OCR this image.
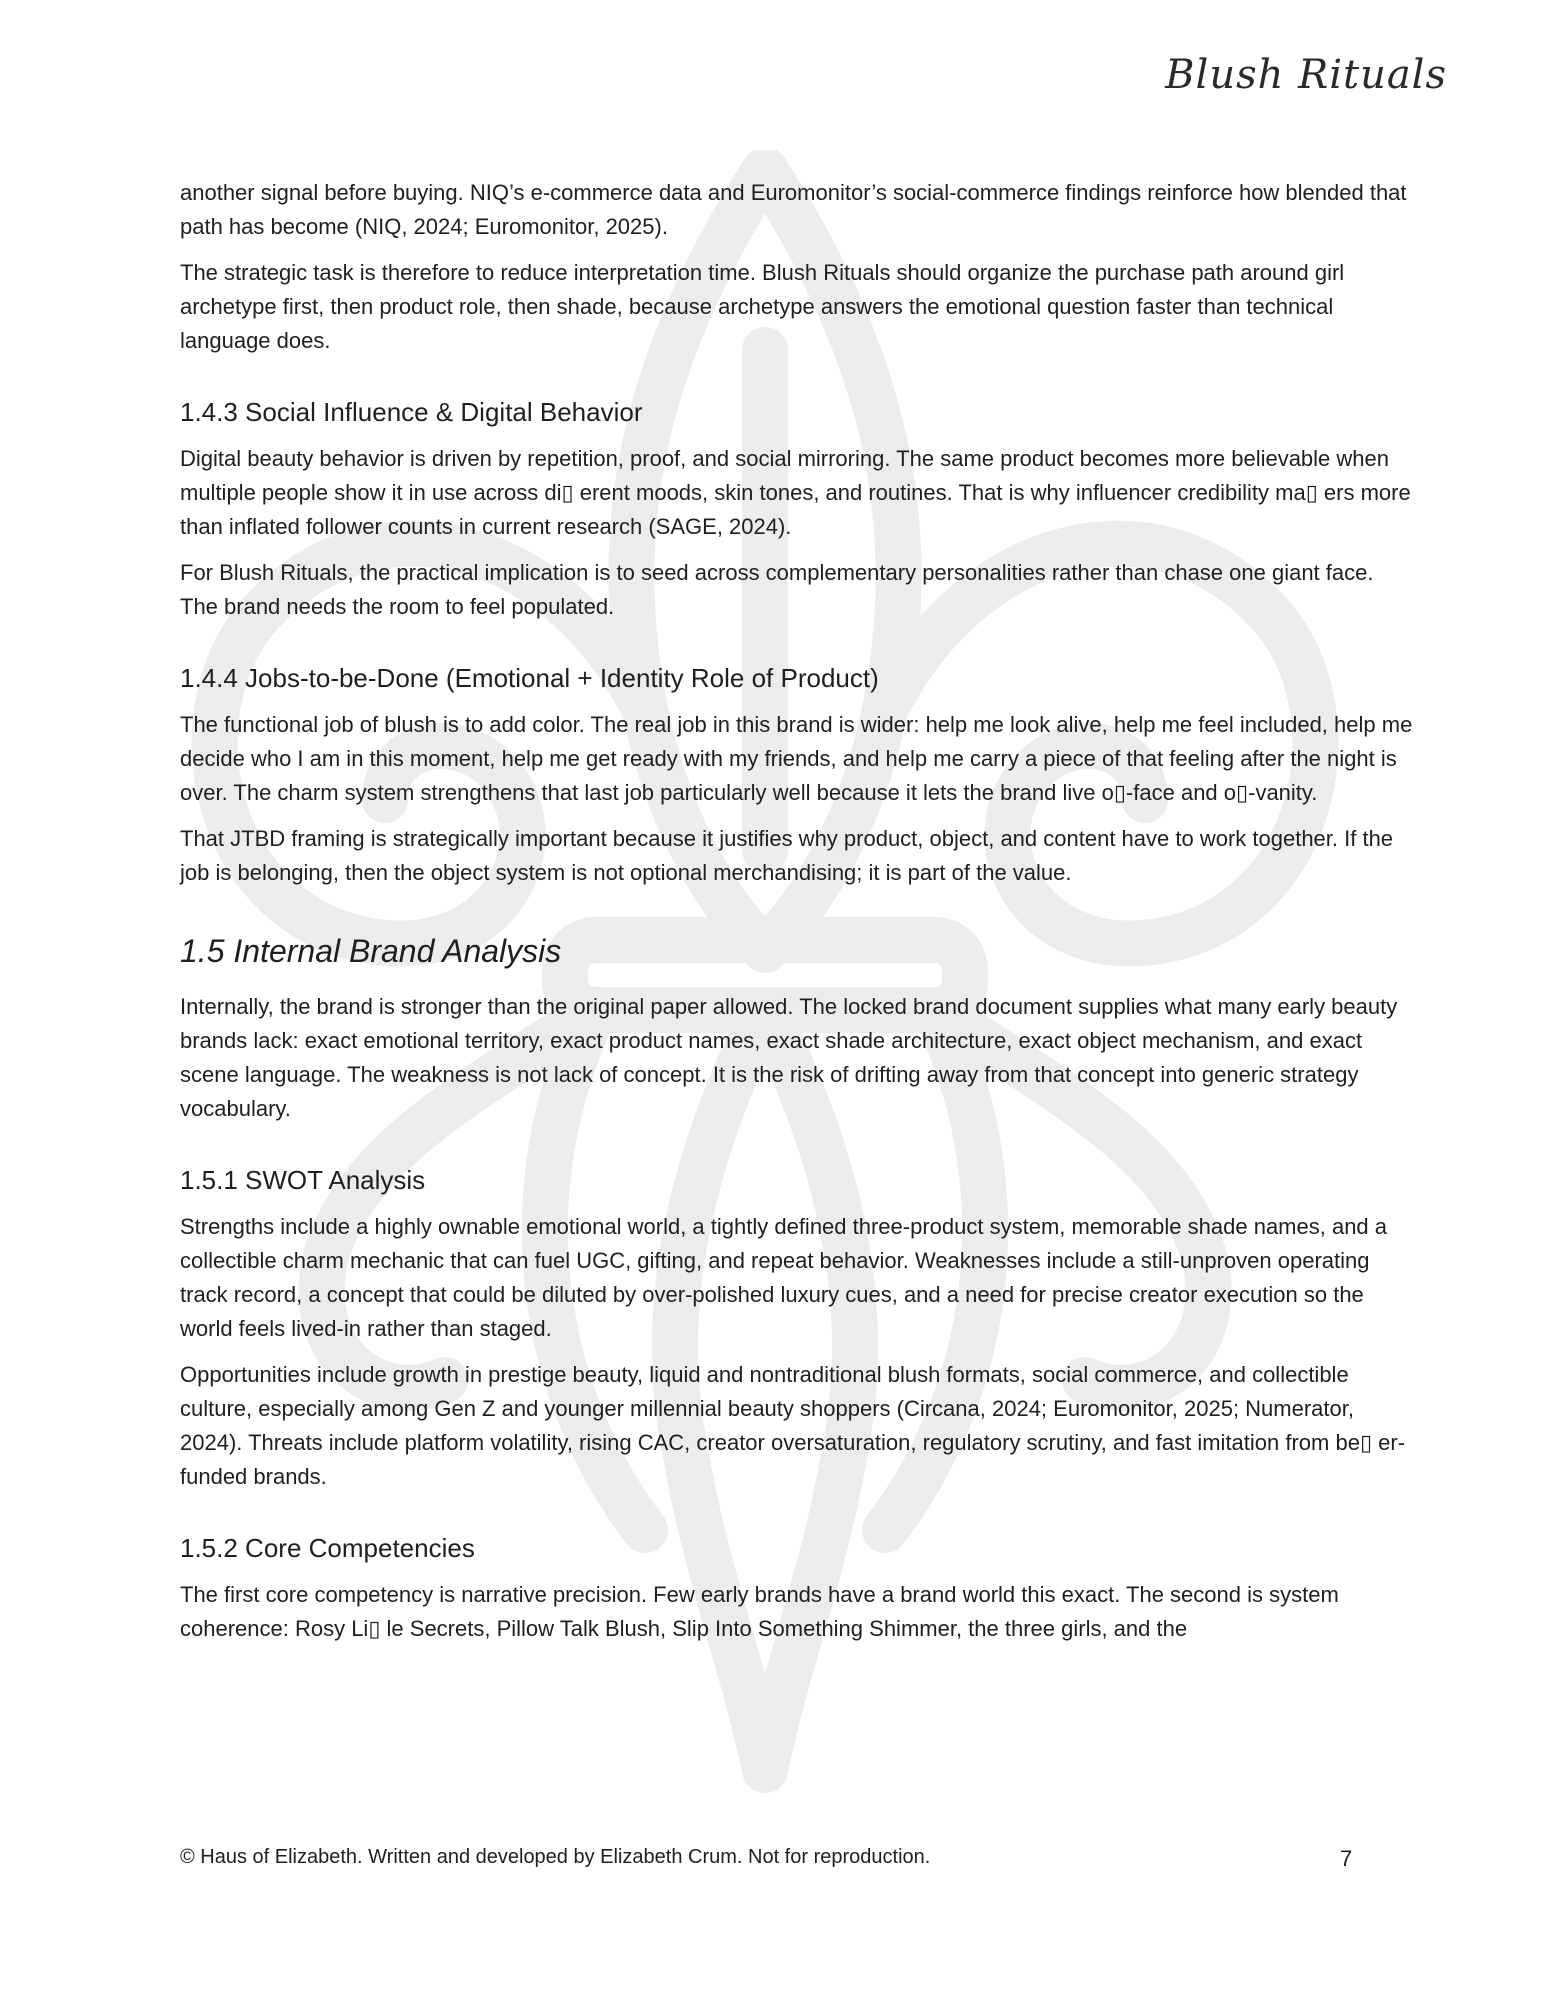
Blush Rituals

another signal before buying. NIQ’s e-commerce data and Euromonitor’s social-commerce findings reinforce how blended that path has become (NIQ, 2024; Euromonitor, 2025).

The strategic task is therefore to reduce interpretation time. Blush Rituals should organize the purchase path around girl archetype first, then product role, then shade, because archetype answers the emotional question faster than technical language does.

1.4.3 Social Influence & Digital Behavior

Digital beauty behavior is driven by repetition, proof, and social mirroring. The same product becomes more believable when multiple people show it in use across di▯ erent moods, skin tones, and routines. That is why influencer credibility ma▯ ers more than inflated follower counts in current research (SAGE, 2024).

For Blush Rituals, the practical implication is to seed across complementary personalities rather than chase one giant face. The brand needs the room to feel populated.

1.4.4 Jobs-to-be-Done (Emotional + Identity Role of Product)

The functional job of blush is to add color. The real job in this brand is wider: help me look alive, help me feel included, help me decide who I am in this moment, help me get ready with my friends, and help me carry a piece of that feeling after the night is over. The charm system strengthens that last job particularly well because it lets the brand live o▯-face and o▯-vanity.

That JTBD framing is strategically important because it justifies why product, object, and content have to work together. If the job is belonging, then the object system is not optional merchandising; it is part of the value.

1.5 Internal Brand Analysis

Internally, the brand is stronger than the original paper allowed. The locked brand document supplies what many early beauty brands lack: exact emotional territory, exact product names, exact shade architecture, exact object mechanism, and exact scene language. The weakness is not lack of concept. It is the risk of drifting away from that concept into generic strategy vocabulary.

1.5.1 SWOT Analysis

Strengths include a highly ownable emotional world, a tightly defined three-product system, memorable shade names, and a collectible charm mechanic that can fuel UGC, gifting, and repeat behavior. Weaknesses include a still-unproven operating track record, a concept that could be diluted by over-polished luxury cues, and a need for precise creator execution so the world feels lived-in rather than staged.

Opportunities include growth in prestige beauty, liquid and nontraditional blush formats, social commerce, and collectible culture, especially among Gen Z and younger millennial beauty shoppers (Circana, 2024; Euromonitor, 2025; Numerator, 2024). Threats include platform volatility, rising CAC, creator oversaturation, regulatory scrutiny, and fast imitation from be▯ er-funded brands.

1.5.2 Core Competencies

The first core competency is narrative precision. Few early brands have a brand world this exact. The second is system coherence: Rosy Li▯ le Secrets, Pillow Talk Blush, Slip Into Something Shimmer, the three girls, and the

© Haus of Elizabeth. Written and developed by Elizabeth Crum. Not for reproduction.	7
